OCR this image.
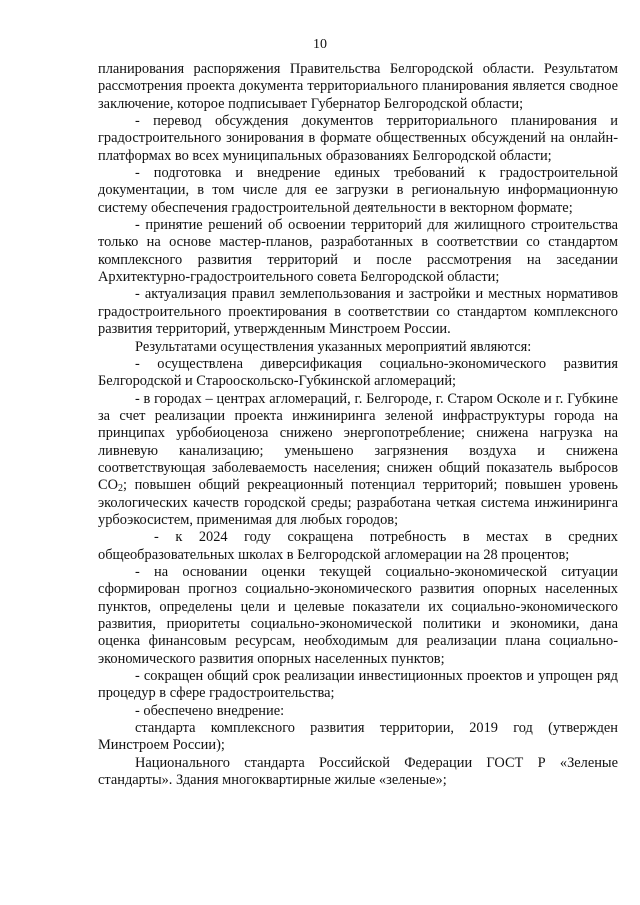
10

планирования распоряжения Правительства Белгородской области. Результатом рассмотрения проекта документа территориального планирования является сводное заключение, которое подписывает Губернатор Белгородской области;

- перевод обсуждения документов территориального планирования и градостроительного зонирования в формате общественных обсуждений на онлайн-платформах во всех муниципальных образованиях Белгородской области;

- подготовка и внедрение единых требований к градостроительной документации, в том числе для ее загрузки в региональную информационную систему обеспечения градостроительной деятельности в векторном формате;

- принятие решений об освоении территорий для жилищного строительства только на основе мастер-планов, разработанных в соответствии со стандартом комплексного развития территорий и после рассмотрения на заседании Архитектурно-градостроительного совета Белгородской области;

- актуализация правил землепользования и застройки и местных нормативов градостроительного проектирования в соответствии со стандартом комплексного развития территорий, утвержденным Минстроем России.

Результатами осуществления указанных мероприятий являются:

- осуществлена диверсификация социально-экономического развития Белгородской и Старооскольско-Губкинской агломераций;

- в городах – центрах агломераций, г. Белгороде, г. Старом Осколе и г. Губкине за счет реализации проекта инжиниринга зеленой инфраструктуры города на принципах урбобиоценоза снижено энергопотребление; снижена нагрузка на ливневую канализацию; уменьшено загрязнения воздуха и снижена соответствующая заболеваемость населения; снижен общий показатель выбросов $CO_2$; повышен общий рекреационный потенциал территорий; повышен уровень экологических качеств городской среды; разработана четкая система инжиниринга урбоэкосистем, применимая для любых городов;

- к 2024 году сокращена потребность в местах в средних общеобразовательных школах в Белгородской агломерации на 28 процентов;

- на основании оценки текущей социально-экономической ситуации сформирован прогноз социально-экономического развития опорных населенных пунктов, определены цели и целевые показатели их социально-экономического развития, приоритеты социально-экономической политики и экономики, дана оценка финансовым ресурсам, необходимым для реализации плана социально-экономического развития опорных населенных пунктов;

- сокращен общий срок реализации инвестиционных проектов и упрощен ряд процедур в сфере градостроительства;

- обеспечено внедрение:

стандарта комплексного развития территории, 2019 год (утвержден Минстроем России);

Национального стандарта Российской Федерации ГОСТ Р «Зеленые стандарты». Здания многоквартирные жилые «зеленые»;
